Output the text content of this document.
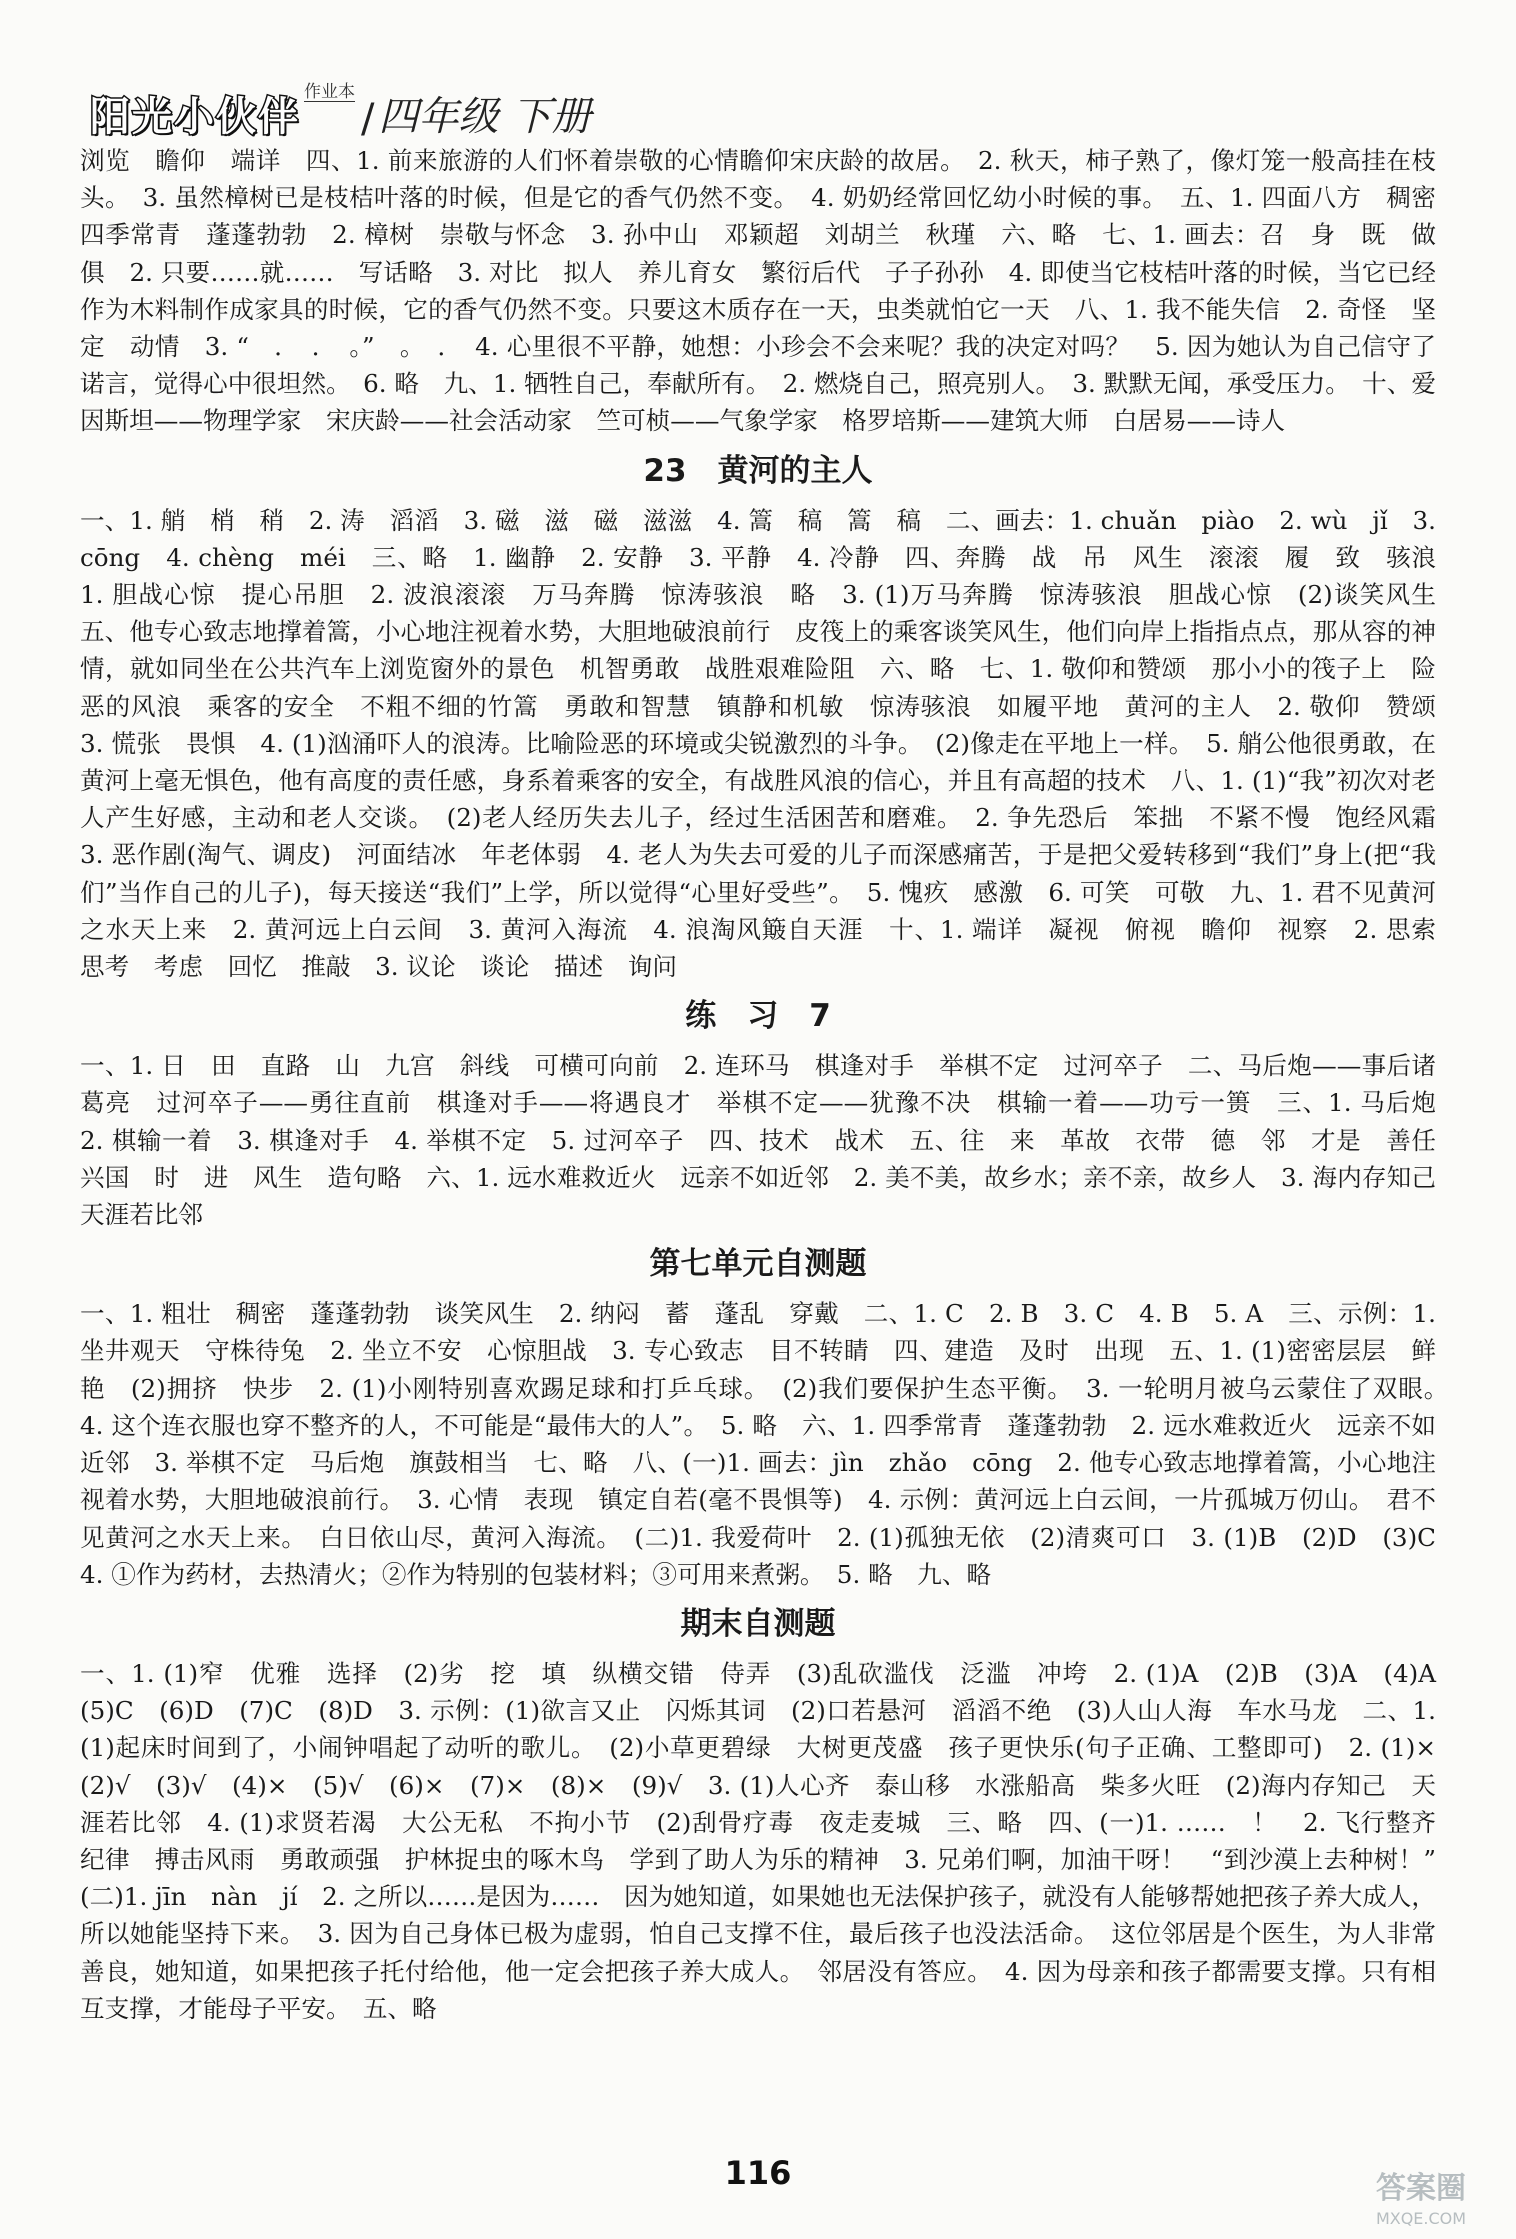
阳光小伙伴
作业本
/ 四年级 下册

浏览　瞻仰　端详　四、1. 前来旅游的人们怀着崇敬的心情瞻仰宋庆龄的故居。　2. 秋天，柿子熟了，像灯笼一般高挂在枝头。　3. 虽然樟树已是枝桔叶落的时候，但是它的香气仍然不变。　4. 奶奶经常回忆幼小时候的事。　五、1. 四面八方　稠密　四季常青　蓬蓬勃勃　2. 樟树　崇敬与怀念　3. 孙中山　邓颖超　刘胡兰　秋瑾　六、略　七、1. 画去：召　身　既　做　俱　2. 只要……就……　写话略　3. 对比　拟人　养儿育女　繁衍后代　子子孙孙　4. 即使当它枝桔叶落的时候，当它已经作为木料制作成家具的时候，它的香气仍然不变。只要这木质存在一天，虫类就怕它一天　八、1. 我不能失信　2. 奇怪　坚定　动情　3. “　．　．　。”　。　．　4. 心里很不平静，她想：小珍会不会来呢？我的决定对吗？　5. 因为她认为自己信守了诺言，觉得心中很坦然。　6. 略　九、1. 牺牲自己，奉献所有。　2. 燃烧自己，照亮别人。　3. 默默无闻，承受压力。　十、爱因斯坦——物理学家　宋庆龄——社会活动家　竺可桢——气象学家　格罗培斯——建筑大师　白居易——诗人

23　黄河的主人

一、1. 艄　梢　稍　2. 涛　滔滔　3. 磁　滋　磁　滋滋　4. 篙　稿　篙　稿　二、画去：1. chuǎn　piào　2. wù　jǐ　3. cōng　4. chèng　méi　三、略　1. 幽静　2. 安静　3. 平静　4. 冷静　四、奔腾　战　吊　风生　滚滚　履　致　骇浪　1. 胆战心惊　提心吊胆　2. 波浪滚滚　万马奔腾　惊涛骇浪　略　3. (1)万马奔腾　惊涛骇浪　胆战心惊　(2)谈笑风生　五、他专心致志地撑着篙，小心地注视着水势，大胆地破浪前行　皮筏上的乘客谈笑风生，他们向岸上指指点点，那从容的神情，就如同坐在公共汽车上浏览窗外的景色　机智勇敢　战胜艰难险阻　六、略　七、1. 敬仰和赞颂　那小小的筏子上　险恶的风浪　乘客的安全　不粗不细的竹篙　勇敢和智慧　镇静和机敏　惊涛骇浪　如履平地　黄河的主人　2. 敬仰　赞颂　3. 慌张　畏惧　4. (1)汹涌吓人的浪涛。比喻险恶的环境或尖锐激烈的斗争。　(2)像走在平地上一样。　5. 艄公他很勇敢，在黄河上毫无惧色，他有高度的责任感，身系着乘客的安全，有战胜风浪的信心，并且有高超的技术　八、1. (1)“我”初次对老人产生好感，主动和老人交谈。　(2)老人经历失去儿子，经过生活困苦和磨难。　2. 争先恐后　笨拙　不紧不慢　饱经风霜　3. 恶作剧(淘气、调皮)　河面结冰　年老体弱　4. 老人为失去可爱的儿子而深感痛苦，于是把父爱转移到“我们”身上(把“我们”当作自己的儿子)，每天接送“我们”上学，所以觉得“心里好受些”。　5. 愧疚　感激　6. 可笑　可敬　九、1. 君不见黄河之水天上来　2. 黄河远上白云间　3. 黄河入海流　4. 浪淘风簸自天涯　十、1. 端详　凝视　俯视　瞻仰　视察　2. 思索　思考　考虑　回忆　推敲　3. 议论　谈论　描述　询问

练　习　7

一、1. 日　田　直路　山　九宫　斜线　可横可向前　2. 连环马　棋逢对手　举棋不定　过河卒子　二、马后炮——事后诸葛亮　过河卒子——勇往直前　棋逢对手——将遇良才　举棋不定——犹豫不决　棋输一着——功亏一篑　三、1. 马后炮　2. 棋输一着　3. 棋逢对手　4. 举棋不定　5. 过河卒子　四、技术　战术　五、往　来　革故　衣带　德　邻　才是　善任　兴国　时　进　风生　造句略　六、1. 远水难救近火　远亲不如近邻　2. 美不美，故乡水；亲不亲，故乡人　3. 海内存知己　天涯若比邻

第七单元自测题

一、1. 粗壮　稠密　蓬蓬勃勃　谈笑风生　2. 纳闷　蓄　蓬乱　穿戴　二、1. C　2. B　3. C　4. B　5. A　三、示例：1. 坐井观天　守株待兔　2. 坐立不安　心惊胆战　3. 专心致志　目不转睛　四、建造　及时　出现　五、1. (1)密密层层　鲜艳　(2)拥挤　快步　2. (1)小刚特别喜欢踢足球和打乒乓球。　(2)我们要保护生态平衡。　3. 一轮明月被乌云蒙住了双眼。　4. 这个连衣服也穿不整齐的人，不可能是“最伟大的人”。　5. 略　六、1. 四季常青　蓬蓬勃勃　2. 远水难救近火　远亲不如近邻　3. 举棋不定　马后炮　旗鼓相当　七、略　八、(一)1. 画去：jìn　zhǎo　cōng　2. 他专心致志地撑着篙，小心地注视着水势，大胆地破浪前行。　3. 心情　表现　镇定自若(毫不畏惧等)　4. 示例：黄河远上白云间，一片孤城万仞山。　君不见黄河之水天上来。　白日依山尽，黄河入海流。　(二)1. 我爱荷叶　2. (1)孤独无依　(2)清爽可口　3. (1)B　(2)D　(3)C　4. ①作为药材，去热清火；②作为特别的包装材料；③可用来煮粥。　5. 略　九、略

期末自测题

一、1. (1)窄　优雅　选择　(2)劣　挖　填　纵横交错　侍弄　(3)乱砍滥伐　泛滥　冲垮　2. (1)A　(2)B　(3)A　(4)A　(5)C　(6)D　(7)C　(8)D　3. 示例：(1)欲言又止　闪烁其词　(2)口若悬河　滔滔不绝　(3)人山人海　车水马龙　二、1. (1)起床时间到了，小闹钟唱起了动听的歌儿。　(2)小草更碧绿　大树更茂盛　孩子更快乐(句子正确、工整即可)　2. (1)×　(2)√　(3)√　(4)×　(5)√　(6)×　(7)×　(8)×　(9)√　3. (1)人心齐　泰山移　水涨船高　柴多火旺　(2)海内存知己　天涯若比邻　4. (1)求贤若渴　大公无私　不拘小节　(2)刮骨疗毒　夜走麦城　三、略　四、(一)1. ……　！　2. 飞行整齐　纪律　搏击风雨　勇敢顽强　护林捉虫的啄木鸟　学到了助人为乐的精神　3. 兄弟们啊，加油干呀！　“到沙漠上去种树！”　(二)1. jīn　nàn　jí　2. 之所以……是因为……　因为她知道，如果她也无法保护孩子，就没有人能够帮她把孩子养大成人，所以她能坚持下来。　3. 因为自己身体已极为虚弱，怕自己支撑不住，最后孩子也没法活命。　这位邻居是个医生，为人非常善良，她知道，如果把孩子托付给他，他一定会把孩子养大成人。　邻居没有答应。　4. 因为母亲和孩子都需要支撑。只有相互支撑，才能母子平安。　五、略

116	答案圈
MXQE.COM
